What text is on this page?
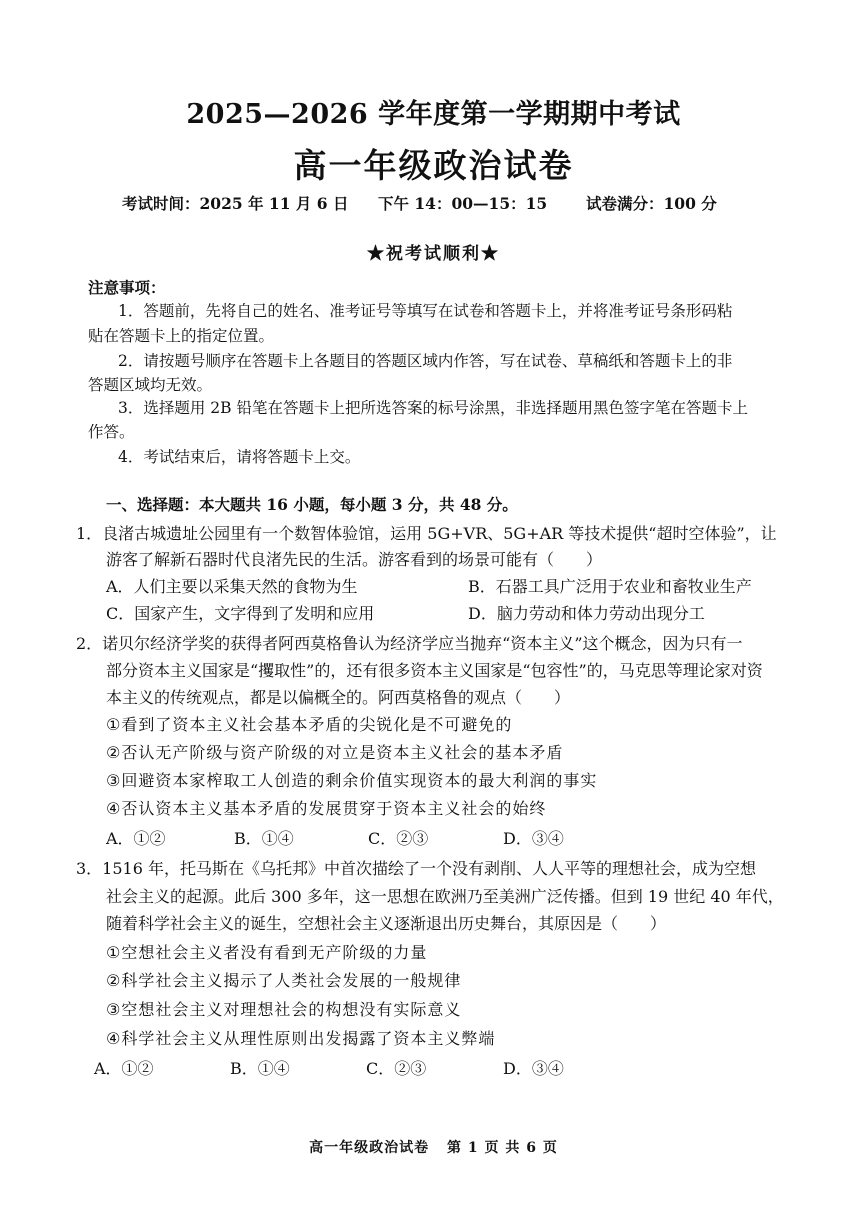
2025—2026 学年度第一学期期中考试
高一年级政治试卷
考试时间：2025 年 11 月 6 日 下午 14：00—15：15	试卷满分：100 分
★祝考试顺利★
注意事项：
1．答题前，先将自己的姓名、准考证号等填写在试卷和答题卡上，并将准考证号条形码粘
贴在答题卡上的指定位置。
2．请按题号顺序在答题卡上各题目的答题区域内作答，写在试卷、草稿纸和答题卡上的非
答题区域均无效。
3．选择题用 2B 铅笔在答题卡上把所选答案的标号涂黑，非选择题用黑色签字笔在答题卡上
作答。
4．考试结束后，请将答题卡上交。
一、选择题：本大题共 16 小题，每小题 3 分，共 48 分。
1．良渚古城遗址公园里有一个数智体验馆，运用 5G+VR、5G+AR 等技术提供“超时空体验”，让
游客了解新石器时代良渚先民的生活。游客看到的场景可能有（　　）
A．人们主要以采集天然的食物为生	B．石器工具广泛用于农业和畜牧业生产
C．国家产生，文字得到了发明和应用	D．脑力劳动和体力劳动出现分工
2．诺贝尔经济学奖的获得者阿西莫格鲁认为经济学应当抛弃“资本主义”这个概念，因为只有一
部分资本主义国家是“攫取性”的，还有很多资本主义国家是“包容性”的，马克思等理论家对资
本主义的传统观点，都是以偏概全的。阿西莫格鲁的观点（　　）
①看到了资本主义社会基本矛盾的尖锐化是不可避免的
②否认无产阶级与资产阶级的对立是资本主义社会的基本矛盾
③回避资本家榨取工人创造的剩余价值实现资本的最大利润的事实
④否认资本主义基本矛盾的发展贯穿于资本主义社会的始终
A．①②	B．①④	C．②③	D．③④
3．1516 年，托马斯在《乌托邦》中首次描绘了一个没有剥削、人人平等的理想社会，成为空想
社会主义的起源。此后 300 多年，这一思想在欧洲乃至美洲广泛传播。但到 19 世纪 40 年代，
随着科学社会主义的诞生，空想社会主义逐渐退出历史舞台，其原因是（　　）
①空想社会主义者没有看到无产阶级的力量
②科学社会主义揭示了人类社会发展的一般规律
③空想社会主义对理想社会的构想没有实际意义
④科学社会主义从理性原则出发揭露了资本主义弊端
A．①②	B．①④	C．②③	D．③④
高一年级政治试卷 第 1 页 共 6 页
